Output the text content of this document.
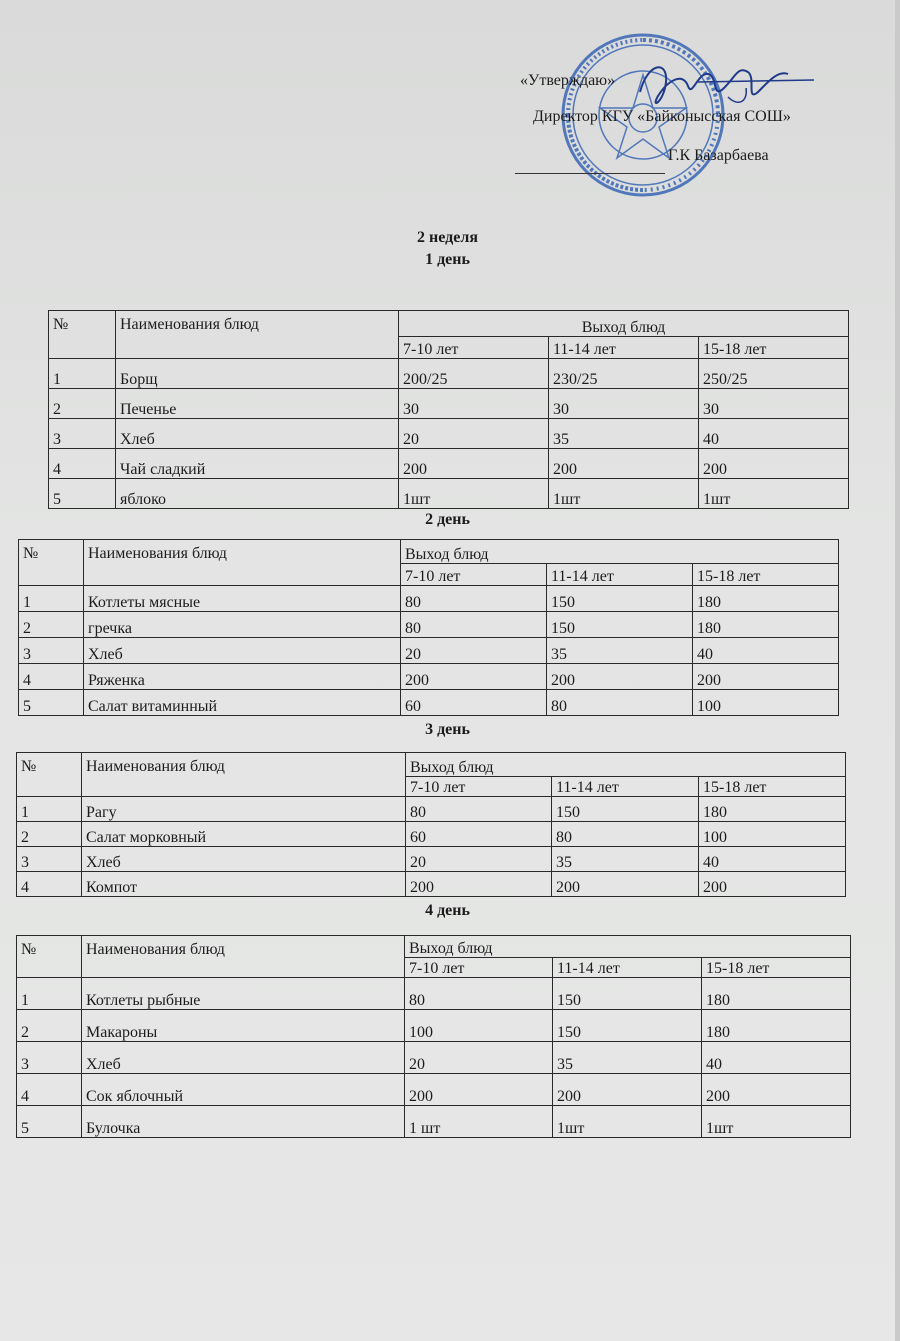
«Утверждаю»
Директор КГУ «Байконысская СОШ»
Г.К Базарбаева
2 неделя
1 день
№	Наименования блюд	Выход блюд		
		7-10 лет	11-14 лет	15-18 лет
1	Борщ	200/25	230/25	250/25
2	Печенье	30	30	30
3	Хлеб	20	35	40
4	Чай сладкий	200	200	200
5	яблоко	1шт	1шт	1шт
2 день
№	Наименования блюд	Выход блюд		
		7-10 лет	11-14 лет	15-18 лет
1	Котлеты мясные	80	150	180
2	гречка	80	150	180
3	Хлеб	20	35	40
4	Ряженка	200	200	200
5	Салат витаминный	60	80	100
3 день
№	Наименования блюд	Выход блюд		
		7-10 лет	11-14 лет	15-18 лет
1	Рагу	80	150	180
2	Салат морковный	60	80	100
3	Хлеб	20	35	40
4	Компот	200	200	200
4 день
№	Наименования блюд	Выход блюд		
		7-10 лет	11-14 лет	15-18 лет
1	Котлеты рыбные	80	150	180
2	Макароны	100	150	180
3	Хлеб	20	35	40
4	Сок яблочный	200	200	200
5	Булочка	1 шт	1шт	1шт
